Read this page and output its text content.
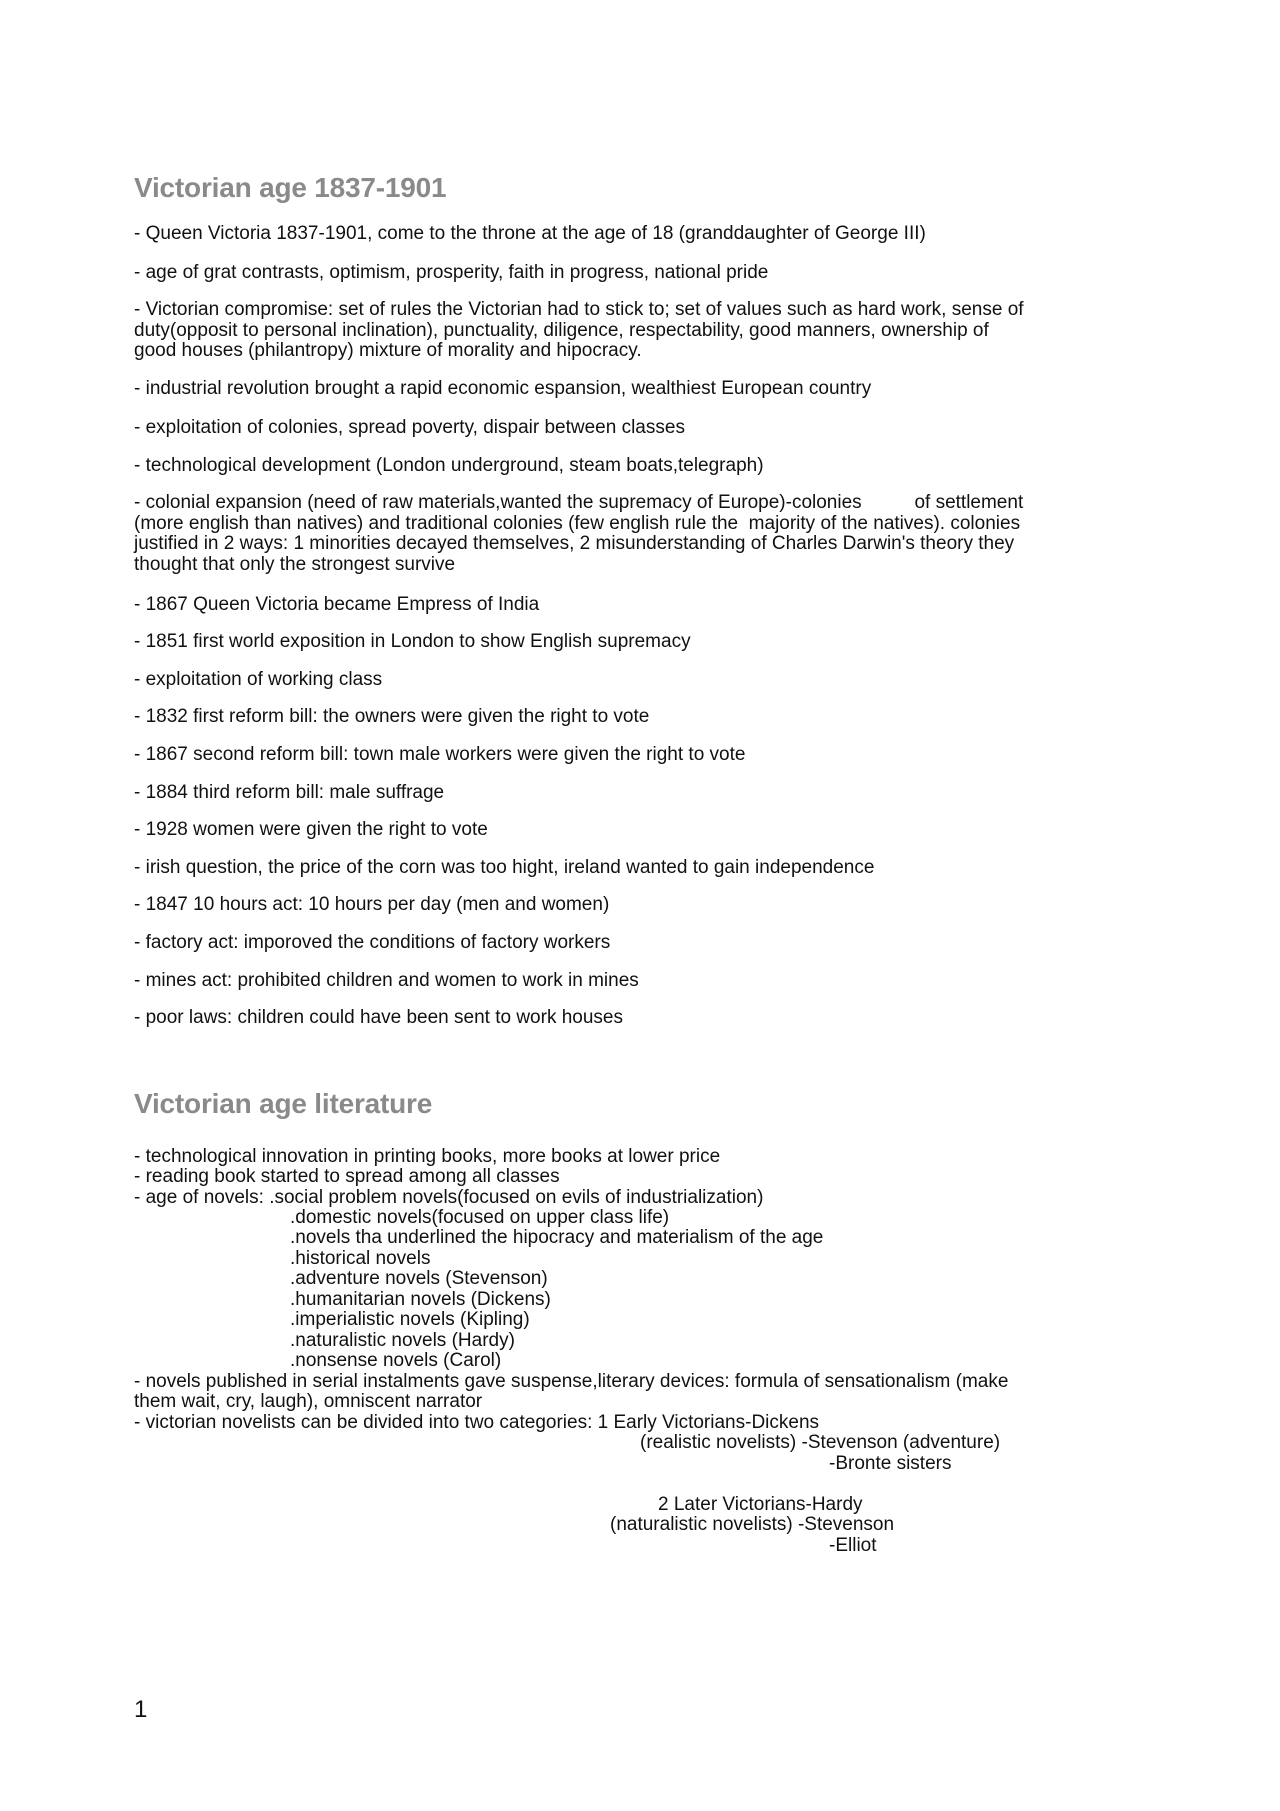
Victorian age 1837-1901

- Queen Victoria 1837-1901, come to the throne at the age of 18 (granddaughter of George III)

- age of grat contrasts, optimism, prosperity, faith in progress, national pride

- Victorian compromise: set of rules the Victorian had to stick to; set of values such as hard work, sense of
duty(opposit to personal inclination), punctuality, diligence, respectability, good manners, ownership of
good houses (philantropy) mixture of morality and hipocracy.

- industrial revolution brought a rapid economic espansion, wealthiest European country

- exploitation of colonies, spread poverty, dispair between classes

- technological development (London underground, steam boats,telegraph)

- colonial expansion (need of raw materials,wanted the supremacy of Europe)-colonies          of settlement
(more english than natives) and traditional colonies (few english rule the  majority of the natives). colonies
justified in 2 ways: 1 minorities decayed themselves, 2 misunderstanding of Charles Darwin's theory they
thought that only the strongest survive

- 1867 Queen Victoria became Empress of India

- 1851 first world exposition in London to show English supremacy

- exploitation of working class

- 1832 first reform bill: the owners were given the right to vote

- 1867 second reform bill: town male workers were given the right to vote

- 1884 third reform bill: male suffrage

- 1928 women were given the right to vote

- irish question, the price of the corn was too hight, ireland wanted to gain independence

- 1847 10 hours act: 10 hours per day (men and women)

- factory act: imporoved the conditions of factory workers

- mines act: prohibited children and women to work in mines

- poor laws: children could have been sent to work houses

Victorian age literature

- technological innovation in printing books, more books at lower price

- reading book started to spread among all classes

- age of novels: .social problem novels(focused on evils of industrialization)

.domestic novels(focused on upper class life)

.novels tha underlined the hipocracy and materialism of the age

.historical novels

.adventure novels (Stevenson)

.humanitarian novels (Dickens)

.imperialistic novels (Kipling)

.naturalistic novels (Hardy)

.nonsense novels (Carol)

- novels published in serial instalments gave suspense,literary devices: formula of sensationalism (make

them wait, cry, laugh), omniscent narrator

- victorian novelists can be divided into two categories: 1 Early Victorians-Dickens

(realistic novelists) -Stevenson (adventure)

-Bronte sisters

2 Later Victorians-Hardy

(naturalistic novelists) -Stevenson

-Elliot

1
